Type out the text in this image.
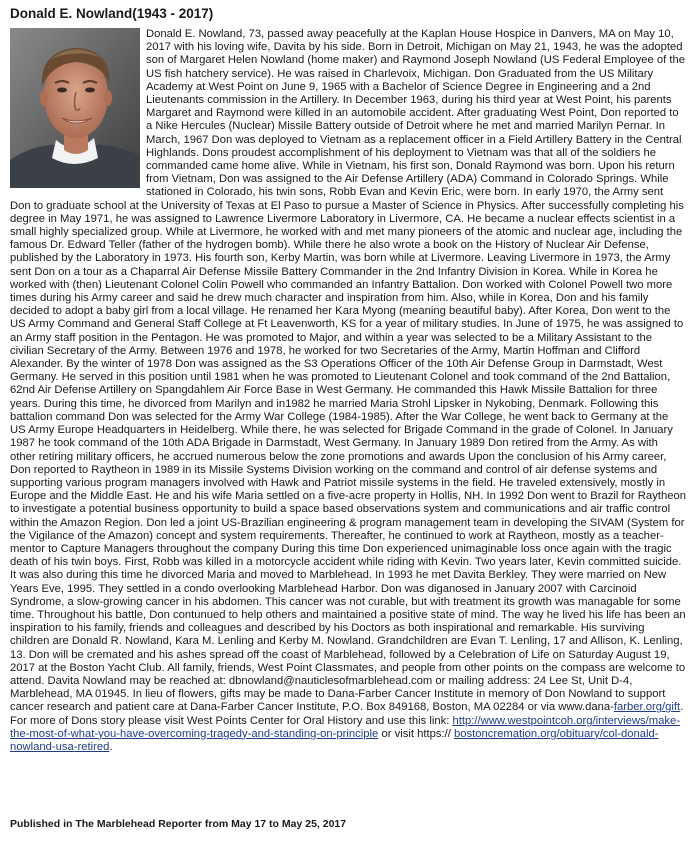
Donald E. Nowland(1943 - 2017)
Donald E. Nowland, 73, passed away peacefully at the Kaplan House Hospice in Danvers, MA on May 10, 2017 with his loving wife, Davita by his side. Born in Detroit, Michigan on May 21, 1943, he was the adopted son of Margaret Helen Nowland (home maker) and Raymond Joseph Nowland (US Federal Employee of the US fish hatchery service). He was raised in Charlevoix, Michigan. Don Graduated from the US Military Academy at West Point on June 9, 1965 with a Bachelor of Science Degree in Engineering and a 2nd Lieutenants commission in the Artillery. In December 1963, during his third year at West Point, his parents Margaret and Raymond were killed in an automobile accident. After graduating West Point, Don reported to a Nike Hercules (Nuclear) Missile Battery outside of Detroit where he met and married Marilyn Pernar. In March, 1967 Don was deployed to Vietnam as a replacement officer in a Field Artillery Battery in the Central Highlands. Dons proudest accomplishment of his deployment to Vietnam was that all of the soldiers he commanded came home alive. While in Vietnam, his first son, Donald Raymond was born. Upon his return from Vietnam, Don was assigned to the Air Defense Artillery (ADA) Command in Colorado Springs. While stationed in Colorado, his twin sons, Robb Evan and Kevin Eric, were born. In early 1970, the Army sent Don to graduate school at the University of Texas at El Paso to pursue a Master of Science in Physics. After successfully completing his degree in May 1971, he was assigned to Lawrence Livermore Laboratory in Livermore, CA. He became a nuclear effects scientist in a small highly specialized group. While at Livermore, he worked with and met many pioneers of the atomic and nuclear age, including the famous Dr. Edward Teller (father of the hydrogen bomb). While there he also wrote a book on the History of Nuclear Air Defense, published by the Laboratory in 1973. His fourth son, Kerby Martin, was born while at Livermore. Leaving Livermore in 1973, the Army sent Don on a tour as a Chaparral Air Defense Missile Battery Commander in the 2nd Infantry Division in Korea. While in Korea he worked with (then) Lieutenant Colonel Colin Powell who commanded an Infantry Battalion. Don worked with Colonel Powell two more times during his Army career and said he drew much character and inspiration from him. Also, while in Korea, Don and his family decided to adopt a baby girl from a local village. He renamed her Kara Myong (meaning beautiful baby). After Korea, Don went to the US Army Command and General Staff College at Ft Leavenworth, KS for a year of military studies. In June of 1975, he was assigned to an Army staff position in the Pentagon. He was promoted to Major, and within a year was selected to be a Military Assistant to the civilian Secretary of the Army. Between 1976 and 1978, he worked for two Secretaries of the Army, Martin Hoffman and Clifford Alexander. By the winter of 1978 Don was assigned as the S3 Operations Officer of the 10th Air Defense Group in Darmstadt, West Germany. He served in this position until 1981 when he was promoted to Lieutenant Colonel and took command of the 2nd Battalion, 62nd Air Defense Artillery on Spangdahlem Air Force Base in West Germany. He commanded this Hawk Missile Battalion for three years. During this time, he divorced from Marilyn and in1982 he married Maria Strohl Lipsker in Nykobing, Denmark. Following this battalion command Don was selected for the Army War College (1984-1985). After the War College, he went back to Germany at the US Army Europe Headquarters in Heidelberg. While there, he was selected for Brigade Command in the grade of Colonel. In January 1987 he took command of the 10th ADA Brigade in Darmstadt, West Germany. In January 1989 Don retired from the Army. As with other retiring military officers, he accrued numerous below the zone promotions and awards Upon the conclusion of his Army career, Don reported to Raytheon in 1989 in its Missile Systems Division working on the command and control of air defense systems and supporting various program managers involved with Hawk and Patriot missile systems in the field. He traveled extensively, mostly in Europe and the Middle East. He and his wife Maria settled on a five-acre property in Hollis, NH. In 1992 Don went to Brazil for Raytheon to investigate a potential business opportunity to build a space based observations system and communications and air traffic control within the Amazon Region. Don led a joint US-Brazilian engineering & program management team in developing the SIVAM (System for the Vigilance of the Amazon) concept and system requirements. Thereafter, he continued to work at Raytheon, mostly as a teacher-mentor to Capture Managers throughout the company During this time Don experienced unimaginable loss once again with the tragic death of his twin boys. First, Robb was killed in a motorcycle accident while riding with Kevin. Two years later, Kevin committed suicide. It was also during this time he divorced Maria and moved to Marblehead. In 1993 he met Davita Berkley. They were married on New Years Eve, 1995. They settled in a condo overlooking Marblehead Harbor. Don was diganosed in January 2007 with Carcinoid Syndrome, a slow-growing cancer in his abdomen. This cancer was not curable, but with treatment its growth was managable for some time. Throughout his battle, Don contunued to help others and maintained a positive state of mind. The way he lived his life has been an inspiration to his family, friends and colleagues and described by his Doctors as both inspirational and remarkable. His surviving children are Donald R. Nowland, Kara M. Lenling and Kerby M. Nowland. Grandchildren are Evan T. Lenling, 17 and Allison, K. Lenling, 13. Don will be cremated and his ashes spread off the coast of Marblehead, followed by a Celebration of Life on Saturday August 19, 2017 at the Boston Yacht Club. All family, friends, West Point Classmates, and people from other points on the compass are welcome to attend. Davita Nowland may be reached at: dbnowland@nauticlesofmarblehead.com or mailing address: 24 Lee St, Unit D-4, Marblehead, MA 01945. In lieu of flowers, gifts may be made to Dana-Farber Cancer Institute in memory of Don Nowland to support cancer research and patient care at Dana-Farber Cancer Institute, P.O. Box 849168, Boston, MA 02284 or via www.dana-farber.org/gift. For more of Dons story please visit West Points Center for Oral History and use this link: http://www.westpointcoh.org/interviews/make-the-most-of-what-you-have-overcoming-tragedy-and-standing-on-principle or visit https:// bostoncremation.org/obituary/col-donald-nowland-usa-retired.

Published in The Marblehead Reporter from May 17 to May 25, 2017
